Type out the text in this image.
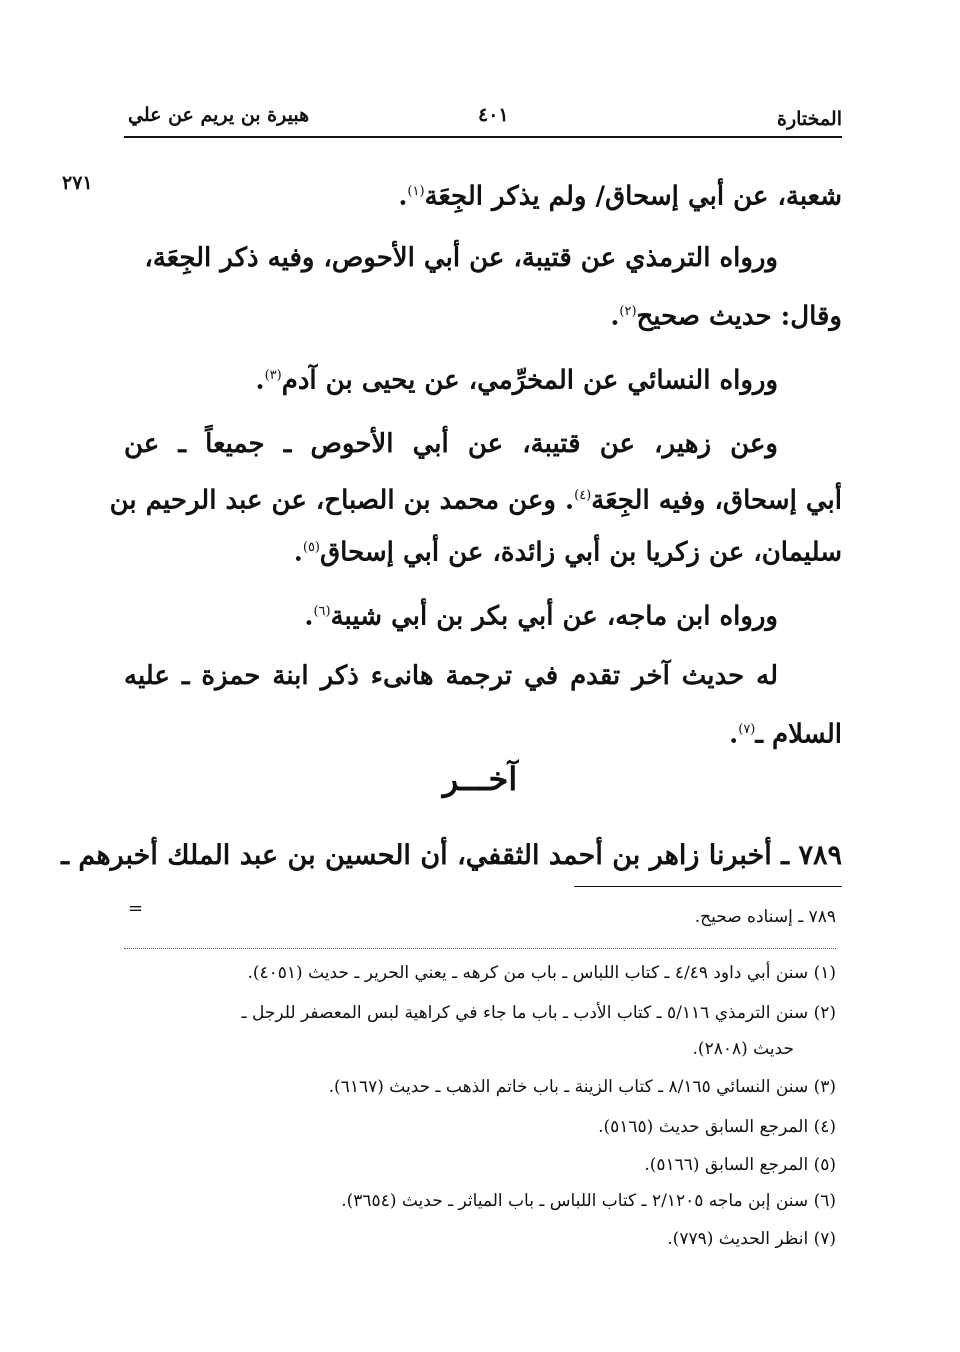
المختارة
٤٠١
هبيرة بن يريم عن علي
٢٧١	شعبة، عن أبي إسحاق/ ولم يذكر الجِعَة$^{(١)}$.
ورواه الترمذي عن قتيبة، عن أبي الأحوص، وفيه ذكر الجِعَة،
وقال: حديث صحيح$^{(٢)}$.
ورواه النسائي عن المخرِّمي، عن يحيى بن آدم$^{(٣)}$.
وعن زهير، عن قتيبة، عن أبي الأحوص ـ جميعاً ـ عن
أبي إسحاق، وفيه الجِعَة$^{(٤)}$. وعن محمد بن الصباح، عن عبد الرحيم بن
سليمان، عن زكريا بن أبي زائدة، عن أبي إسحاق$^{(٥)}$.
ورواه ابن ماجه، عن أبي بكر بن أبي شيبة$^{(٦)}$.
له حديث آخر تقدم في ترجمة هانىء ذكر ابنة حمزة ـ عليه
السلام ـ$^{(٧)}$.
آخـــر
٧٨٩ ـ أخبرنا زاهر بن أحمد الثقفي، أن الحسين بن عبد الملك أخبرهم ـ
=	٧٨٩ ـ إسناده صحيح.
(١) سنن أبي داود ٤/٤٩ ـ كتاب اللباس ـ باب من كرهه ـ يعني الحرير ـ حديث (٤٠٥١).
(٢) سنن الترمذي ٥/١١٦ ـ كتاب الأدب ـ باب ما جاء في كراهية لبس المعصفر للرجل ـ
حديث (٢٨٠٨).
(٣) سنن النسائي ٨/١٦٥ ـ كتاب الزينة ـ باب خاتم الذهب ـ حديث (٦١٦٧).
(٤) المرجع السابق حديث (٥١٦٥).
(٥) المرجع السابق (٥١٦٦).
(٦) سنن إبن ماجه ٢/١٢٠٥ ـ كتاب اللباس ـ باب المياثر ـ حديث (٣٦٥٤).
(٧) انظر الحديث (٧٧٩).
